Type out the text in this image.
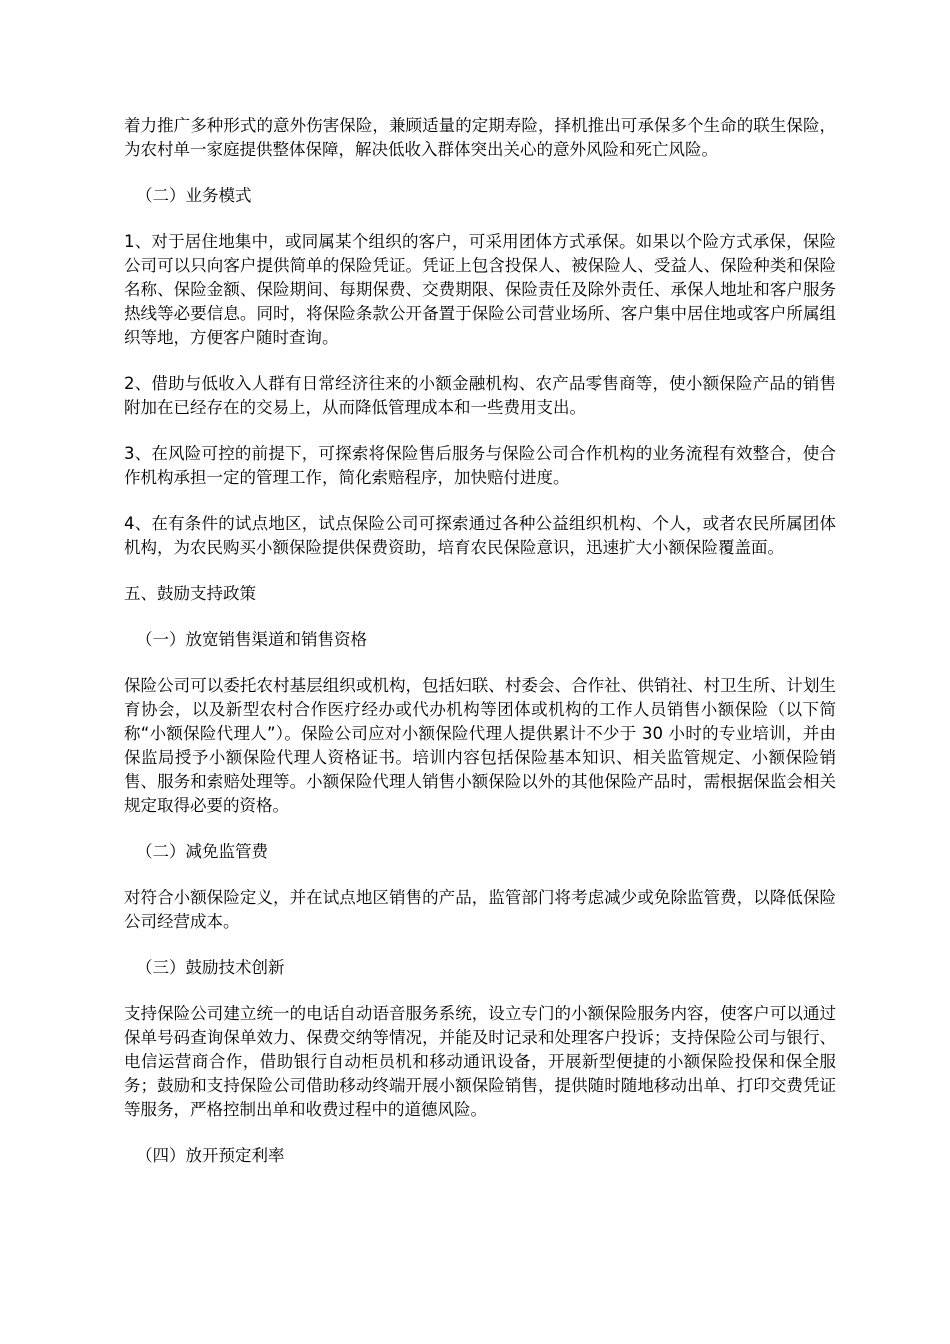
着力推广多种形式的意外伤害保险，兼顾适量的定期寿险，择机推出可承保多个生命的联生保险，为农村单一家庭提供整体保障，解决低收入群体突出关心的意外风险和死亡风险。

（二）业务模式

1、对于居住地集中，或同属某个组织的客户，可采用团体方式承保。如果以个险方式承保，保险公司可以只向客户提供简单的保险凭证。凭证上包含投保人、被保险人、受益人、保险种类和保险名称、保险金额、保险期间、每期保费、交费期限、保险责任及除外责任、承保人地址和客户服务热线等必要信息。同时，将保险条款公开备置于保险公司营业场所、客户集中居住地或客户所属组织等地，方便客户随时查询。

2、借助与低收入人群有日常经济往来的小额金融机构、农产品零售商等，使小额保险产品的销售附加在已经存在的交易上，从而降低管理成本和一些费用支出。

3、在风险可控的前提下，可探索将保险售后服务与保险公司合作机构的业务流程有效整合，使合作机构承担一定的管理工作，简化索赔程序，加快赔付进度。

4、在有条件的试点地区，试点保险公司可探索通过各种公益组织机构、个人，或者农民所属团体机构，为农民购买小额保险提供保费资助，培育农民保险意识，迅速扩大小额保险覆盖面。

五、鼓励支持政策

（一）放宽销售渠道和销售资格

保险公司可以委托农村基层组织或机构，包括妇联、村委会、合作社、供销社、村卫生所、计划生育协会，以及新型农村合作医疗经办或代办机构等团体或机构的工作人员销售小额保险（以下简称“小额保险代理人”）。保险公司应对小额保险代理人提供累计不少于 30 小时的专业培训，并由保监局授予小额保险代理人资格证书。培训内容包括保险基本知识、相关监管规定、小额保险销售、服务和索赔处理等。小额保险代理人销售小额保险以外的其他保险产品时，需根据保监会相关规定取得必要的资格。

（二）减免监管费

对符合小额保险定义，并在试点地区销售的产品，监管部门将考虑减少或免除监管费，以降低保险公司经营成本。

（三）鼓励技术创新

支持保险公司建立统一的电话自动语音服务系统，设立专门的小额保险服务内容，使客户可以通过保单号码查询保单效力、保费交纳等情况，并能及时记录和处理客户投诉；支持保险公司与银行、电信运营商合作，借助银行自动柜员机和移动通讯设备，开展新型便捷的小额保险投保和保全服务；鼓励和支持保险公司借助移动终端开展小额保险销售，提供随时随地移动出单、打印交费凭证等服务，严格控制出单和收费过程中的道德风险。

（四）放开预定利率
